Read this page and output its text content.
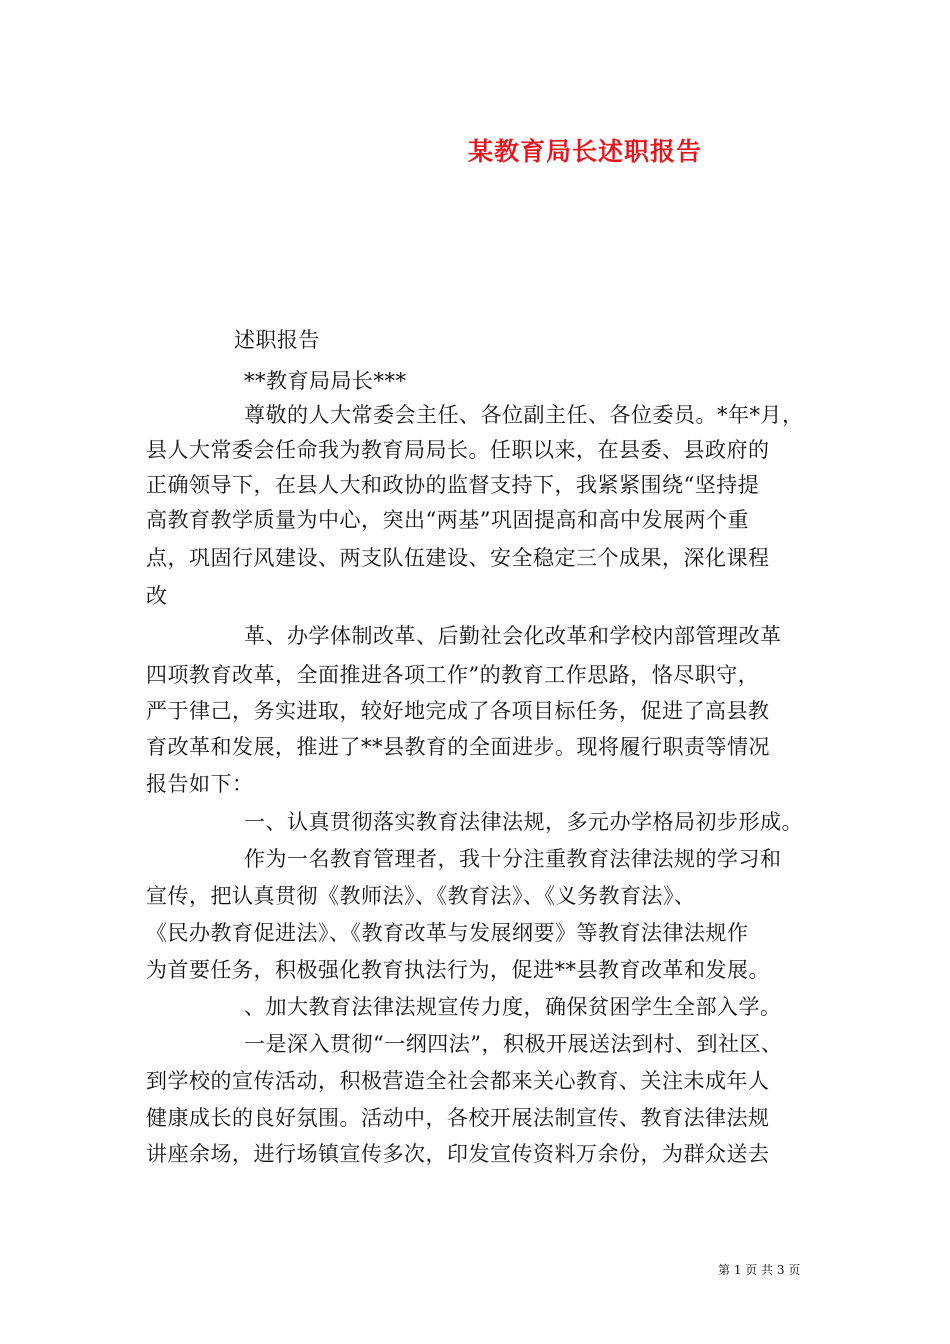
某教育局长述职报告
述职报告
**教育局局长***
尊敬的人大常委会主任、各位副主任、各位委员。*年*月，
县人大常委会任命我为教育局局长。任职以来，在县委、县政府的
正确领导下，在县人大和政协的监督支持下，我紧紧围绕“坚持提
高教育教学质量为中心，突出“两基”巩固提高和高中发展两个重
点，巩固行风建设、两支队伍建设、安全稳定三个成果，深化课程
改
革、办学体制改革、后勤社会化改革和学校内部管理改革
四项教育改革，全面推进各项工作”的教育工作思路，恪尽职守，
严于律己，务实进取，较好地完成了各项目标任务，促进了高县教
育改革和发展，推进了**县教育的全面进步。现将履行职责等情况
报告如下：
一、认真贯彻落实教育法律法规，多元办学格局初步形成。
作为一名教育管理者，我十分注重教育法律法规的学习和
宣传，把认真贯彻《教师法》、《教育法》、《义务教育法》、
《民办教育促进法》、《教育改革与发展纲要》等教育法律法规作
为首要任务，积极强化教育执法行为，促进**县教育改革和发展。
、加大教育法律法规宣传力度，确保贫困学生全部入学。
一是深入贯彻“一纲四法”，积极开展送法到村、到社区、
到学校的宣传活动，积极营造全社会都来关心教育、关注未成年人
健康成长的良好氛围。活动中，各校开展法制宣传、教育法律法规
讲座余场，进行场镇宣传多次，印发宣传资料万余份，为群众送去
第 1 页 共 3 页
